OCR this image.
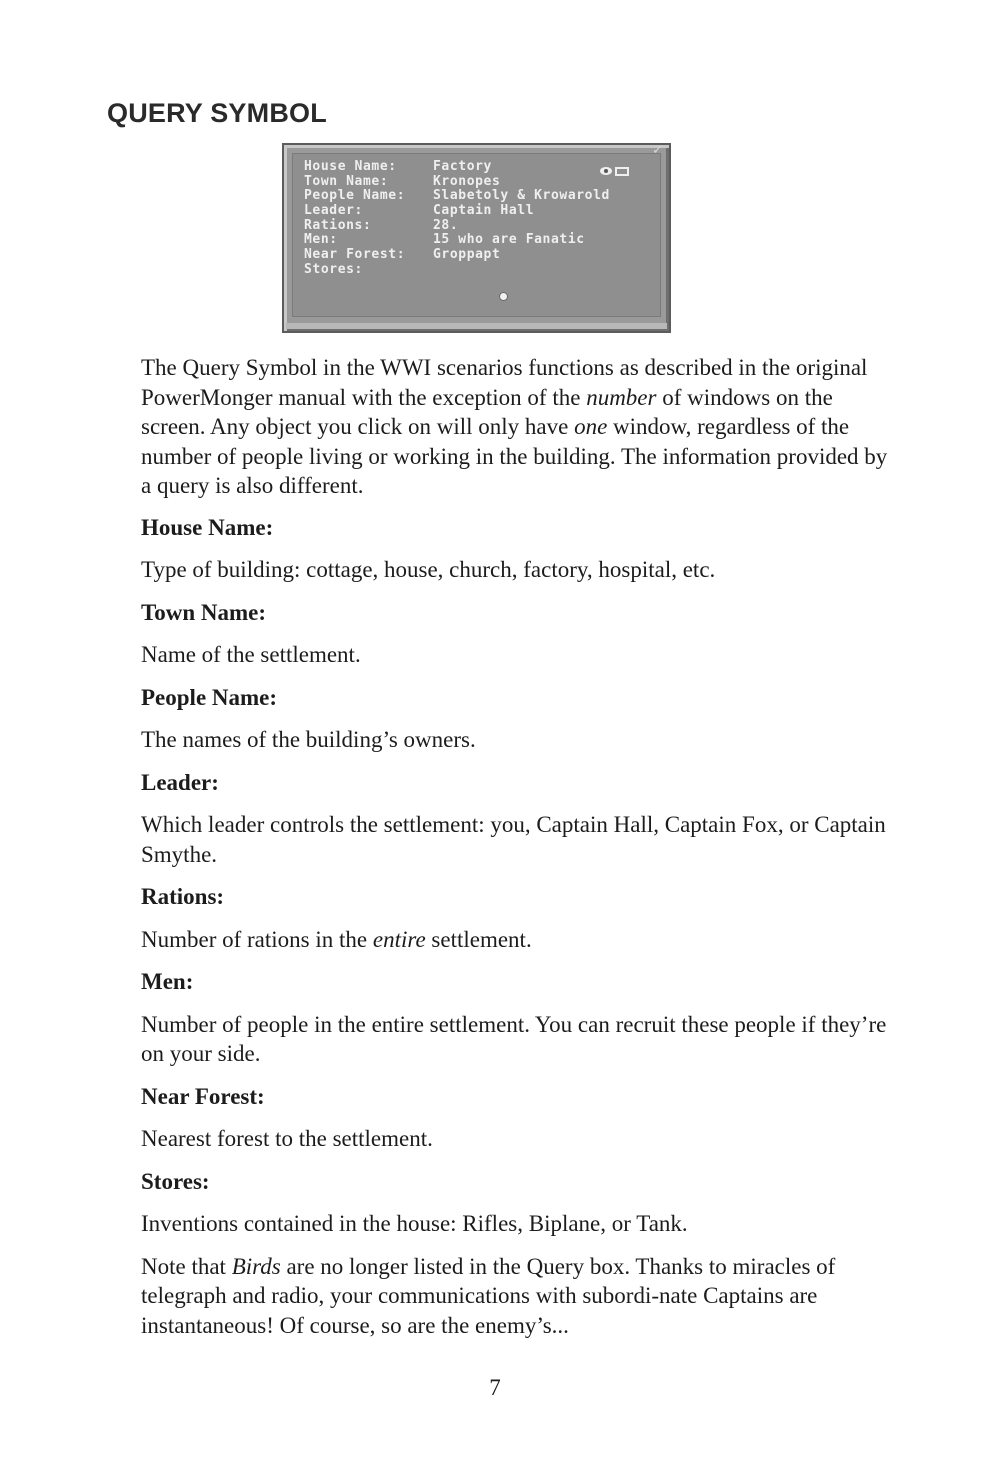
QUERY SYMBOL
House Name:	Factory
Town Name:	Kronopes
People Name:	Slabetoly & Krowarold
Leader:	Captain Hall
Rations:	28.
Men:	15 who are Fanatic
Near Forest:	Groppapt
Stores:
✓

The Query Symbol in the WWI scenarios functions as described in the original PowerMonger manual with the exception of the number of windows on the screen. Any object you click on will only have one window, regardless of the number of people living or working in the building. The information provided by a query is also different.

House Name:

Type of building: cottage, house, church, factory, hospital, etc.

Town Name:

Name of the settlement.

People Name:

The names of the building’s owners.

Leader:

Which leader controls the settlement: you, Captain Hall, Captain Fox, or Captain Smythe.

Rations:

Number of rations in the entire settlement.

Men:

Number of people in the entire settlement. You can recruit these people if they’re on your side.

Near Forest:

Nearest forest to the settlement.

Stores:

Inventions contained in the house: Rifles, Biplane, or Tank.

Note that Birds are no longer listed in the Query box. Thanks to miracles of telegraph and radio, your communications with subordi-nate Captains are instantaneous! Of course, so are the enemy’s...

7
